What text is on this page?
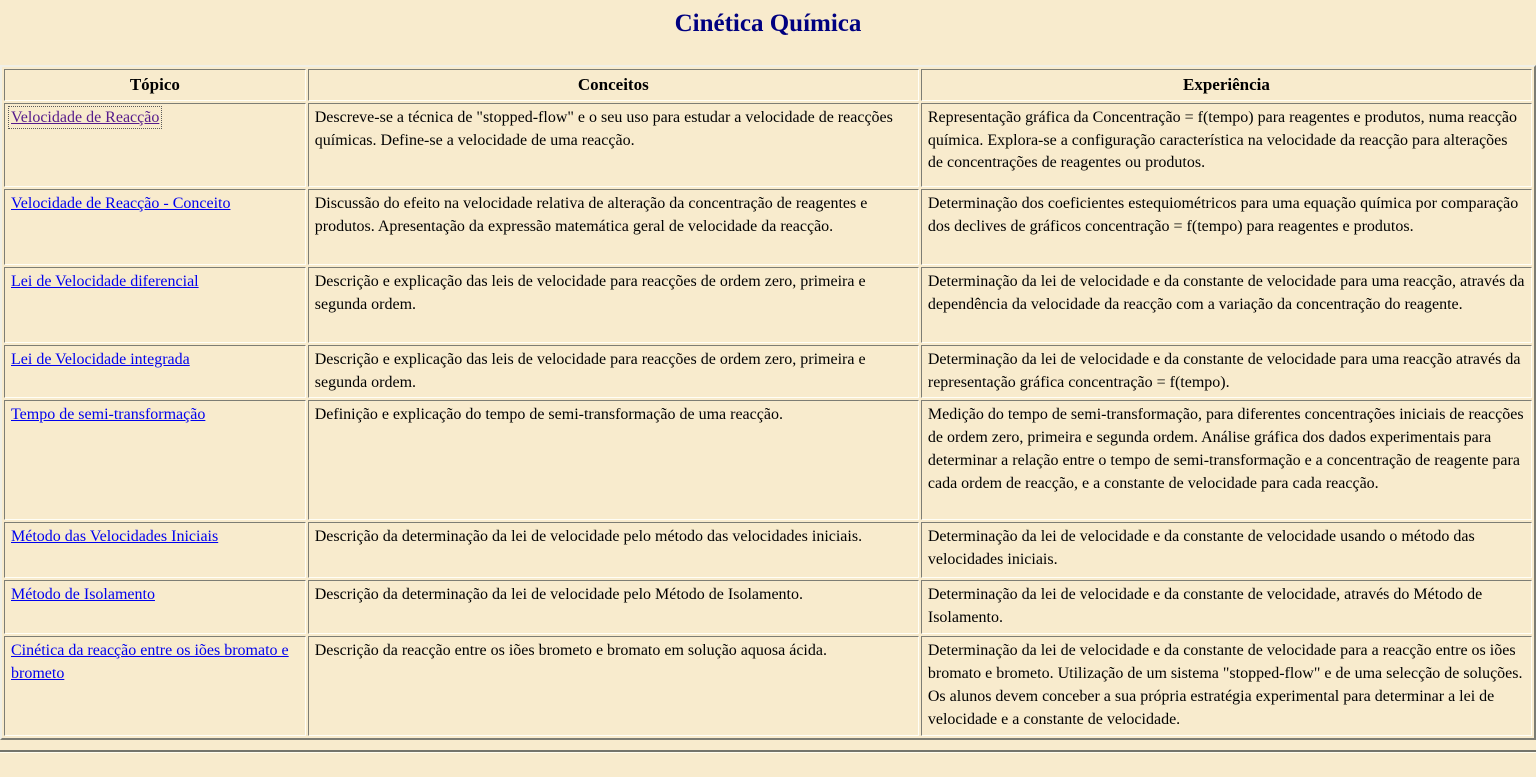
Cinética Química
Tópico	Conceitos	Experiência
Velocidade de Reacção	Descreve-se a técnica de "stopped-flow" e o seu uso para estudar a velocidade de reacções químicas. Define-se a velocidade de uma reacção.	Representação gráfica da Concentração = f(tempo) para reagentes e produtos, numa reacção química. Explora-se a configuração característica na velocidade da reacção para alterações de concentrações de reagentes ou produtos.
Velocidade de Reacção - Conceito	Discussão do efeito na velocidade relativa de alteração da concentração de reagentes e produtos. Apresentação da expressão matemática geral de velocidade da reacção.	Determinação dos coeficientes estequiométricos para uma equação química por comparação dos declives de gráficos concentração = f(tempo) para reagentes e produtos.
Lei de Velocidade diferencial	Descrição e explicação das leis de velocidade para reacções de ordem zero, primeira e segunda ordem.	Determinação da lei de velocidade e da constante de velocidade para uma reacção, através da dependência da velocidade da reacção com a variação da concentração do reagente.
Lei de Velocidade integrada	Descrição e explicação das leis de velocidade para reacções de ordem zero, primeira e segunda ordem.	Determinação da lei de velocidade e da constante de velocidade para uma reacção através da representação gráfica concentração = f(tempo).
Tempo de semi-transformação	Definição e explicação do tempo de semi-transformação de uma reacção.	Medição do tempo de semi-transformação, para diferentes concentrações iniciais de reacções de ordem zero, primeira e segunda ordem. Análise gráfica dos dados experimentais para determinar a relação entre o tempo de semi-transformação e a concentração de reagente para cada ordem de reacção, e a constante de velocidade para cada reacção.
Método das Velocidades Iniciais	Descrição da determinação da lei de velocidade pelo método das velocidades iniciais.	Determinação da lei de velocidade e da constante de velocidade usando o método das velocidades iniciais.
Método de Isolamento	Descrição da determinação da lei de velocidade pelo Método de Isolamento.	Determinação da lei de velocidade e da constante de velocidade, através do Método de Isolamento.
Cinética da reacção entre os iões bromato e brometo	Descrição da reacção entre os iões brometo e bromato em solução aquosa ácida.	Determinação da lei de velocidade e da constante de velocidade para a reacção entre os iões bromato e brometo. Utilização de um sistema "stopped-flow" e de uma selecção de soluções. Os alunos devem conceber a sua própria estratégia experimental para determinar a lei de velocidade e a constante de velocidade.
